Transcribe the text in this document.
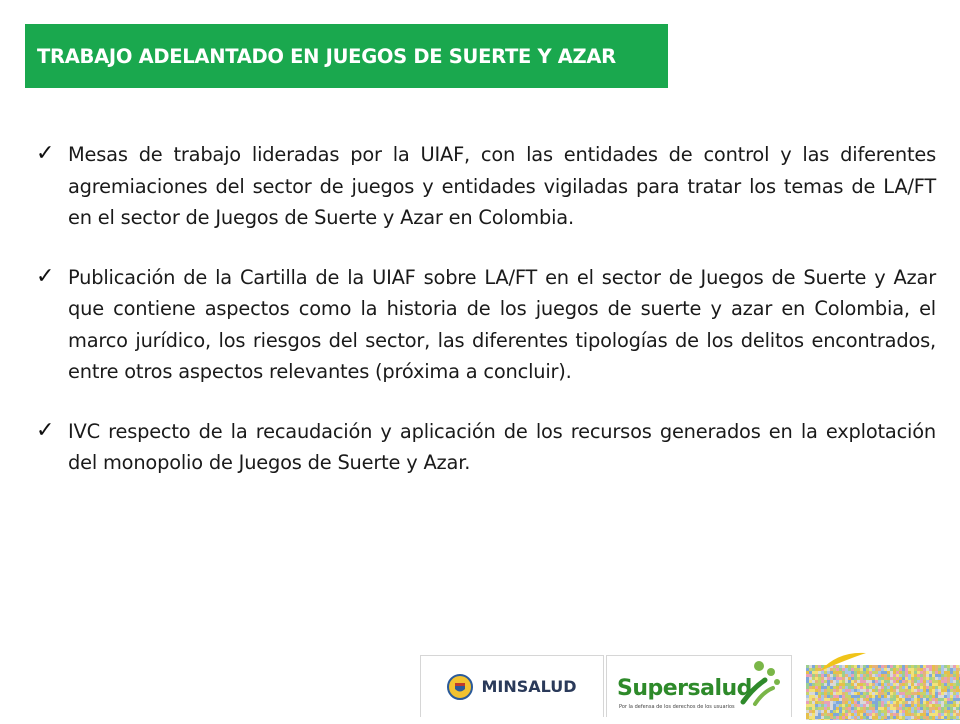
TRABAJO ADELANTADO EN JUEGOS DE SUERTE Y AZAR
✓ Mesas de trabajo lideradas por la UIAF, con las entidades de control y las diferentes agremiaciones del sector de juegos y entidades vigiladas para tratar los temas de LA/FT en el sector de Juegos de Suerte y Azar en Colombia.
✓ Publicación de la Cartilla de la UIAF sobre LA/FT en el sector de Juegos de Suerte y Azar que contiene aspectos como la historia de los juegos de suerte y azar en Colombia, el marco jurídico, los riesgos del sector, las diferentes tipologías de los delitos encontrados, entre otros aspectos relevantes (próxima a concluir).
✓ IVC respecto de la recaudación y aplicación de los recursos generados en la explotación del monopolio de Juegos de Suerte y Azar.
MINSALUD Supersalud
Por la defensa de los derechos de los usuarios
